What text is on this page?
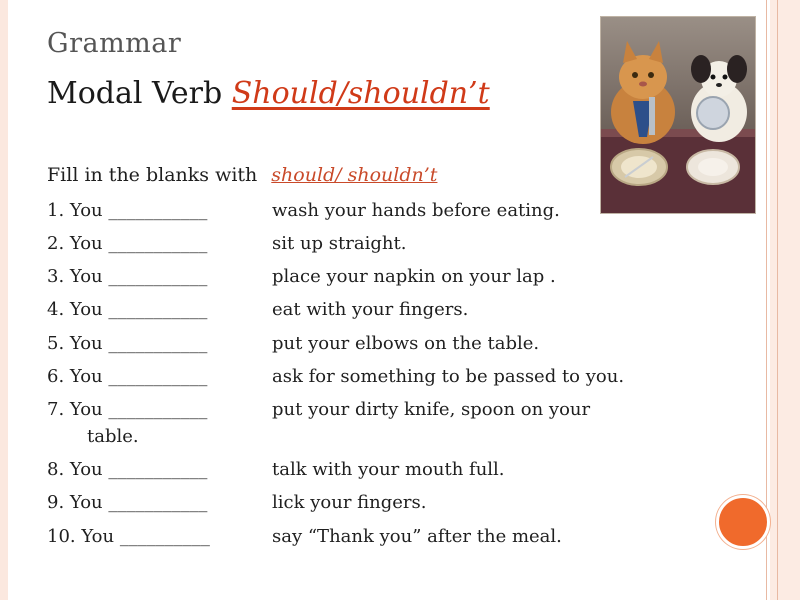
Grammar
Modal Verb Should/shouldn’t
Fill in the blanks with should/ shouldn’t
1. You ___________	wash your hands before eating.
2. You ___________	sit up straight.
3. You ___________	place your napkin on your lap .
4. You ___________	eat with your fingers.
5. You ___________	put your elbows on the table.
6. You ___________	ask for something to be passed to you.
7. You ___________	put your dirty knife, spoon on your
table.
8. You ___________	talk with your mouth full.
9. You ___________	lick your fingers.
10. You __________	say “Thank you” after the meal.
